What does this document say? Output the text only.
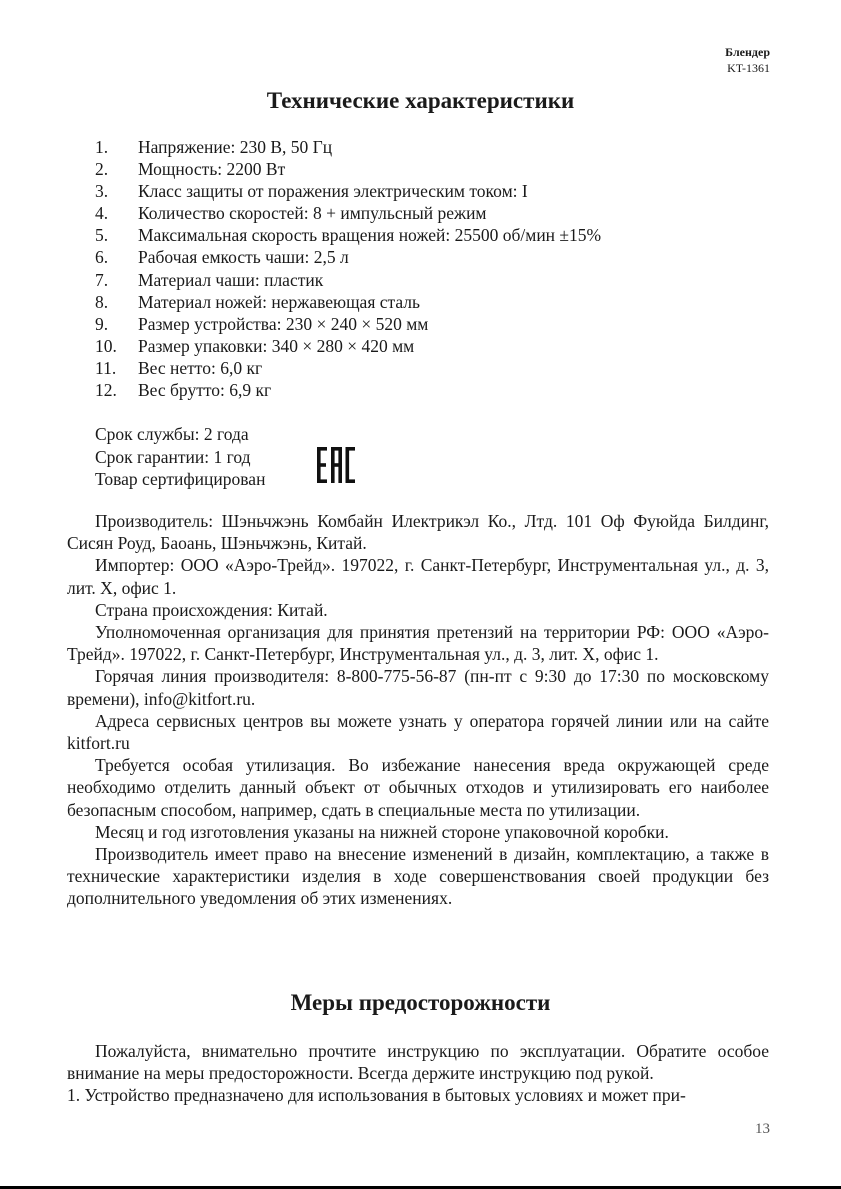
Блендер
KT-1361
Технические характеристики
1.	Напряжение: 230 В, 50 Гц
2.	Мощность: 2200 Вт
3.	Класс защиты от поражения электрическим током: I
4.	Количество скоростей: 8 + импульсный режим
5.	Максимальная скорость вращения ножей: 25500 об/мин ±15%
6.	Рабочая емкость чаши: 2,5 л
7.	Материал чаши: пластик
8.	Материал ножей: нержавеющая сталь
9.	Размер устройства: 230 × 240 × 520 мм
10.	Размер упаковки: 340 × 280 × 420 мм
11.	Вес нетто: 6,0 кг
12.	Вес брутто: 6,9 кг
Срок службы: 2 года
Срок гарантии: 1 год
Товар сертифицирован

Производитель: Шэньчжэнь Комбайн Илектрикэл Ко., Лтд. 101 Оф Фуюйда Билдинг, Сисян Роуд, Баоань, Шэньчжэнь, Китай.

Импортер: ООО «Аэро-Трейд». 197022, г. Санкт-Петербург, Инструментальная ул., д. 3, лит. Х, офис 1.

Страна происхождения: Китай.

Уполномоченная организация для принятия претензий на территории РФ: ООО «Аэро-Трейд». 197022, г. Санкт-Петербург, Инструментальная ул., д. 3, лит. Х, офис 1.

Горячая линия производителя: 8-800-775-56-87 (пн-пт с 9:30 до 17:30 по московскому времени), info@kitfort.ru.

Адреса сервисных центров вы можете узнать у оператора горячей линии или на сайте kitfort.ru

Требуется особая утилизация. Во избежание нанесения вреда окружающей среде необходимо отделить данный объект от обычных отходов и утилизировать его наиболее безопасным способом, например, сдать в специальные места по утилизации.

Месяц и год изготовления указаны на нижней стороне упаковочной коробки.

Производитель имеет право на внесение изменений в дизайн, комплектацию, а также в технические характеристики изделия в ходе совершенствования своей продукции без дополнительного уведомления об этих изменениях.

Меры предосторожности

Пожалуйста, внимательно прочтите инструкцию по эксплуатации. Обратите особое внимание на меры предосторожности. Всегда держите инструкцию под рукой.

1. Устройство предназначено для использования в бытовых условиях и может при-

13
